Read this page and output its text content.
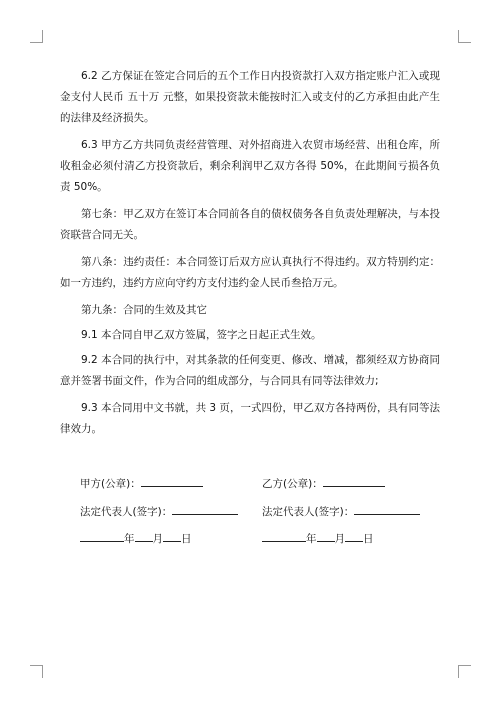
6.2 乙方保证在签定合同后的五个工作日内投资款打入双方指定账户汇入或现金支付人民币 五十万 元整，如果投资款未能按时汇入或支付的乙方承担由此产生的法律及经济损失。

6.3 甲方乙方共同负责经营管理、对外招商进入农贸市场经营、出租仓库，所收租金必须付清乙方投资款后，剩余利润甲乙双方各得 50%，在此期间亏损各负责 50%。

第七条：甲乙双方在签订本合同前各自的债权债务各自负责处理解决，与本投资联营合同无关。

第八条：违约责任：本合同签订后双方应认真执行不得违约。双方特别约定：如一方违约，违约方应向守约方支付违约金人民币叁拾万元。

第九条：合同的生效及其它

9.1 本合同自甲乙双方签属，签字之日起正式生效。

9.2 本合同的执行中，对其条款的任何变更、修改、增减，都须经双方协商同意并签署书面文件，作为合同的组成部分，与合同具有同等法律效力;

9.3 本合同用中文书就，共 3 页，一式四份，甲乙双方各持两份，具有同等法律效力。

甲方(公章)：	乙方(公章)：
法定代表人(签字)：	法定代表人(签字)：
年 月 日	年 月 日
